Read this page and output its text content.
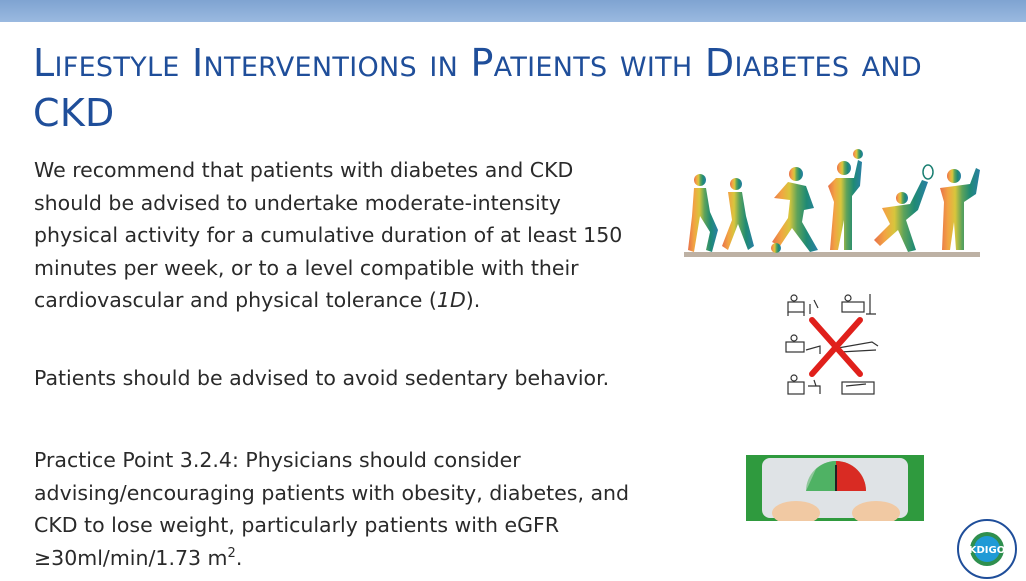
Lifestyle Interventions in Patients with Diabetes and CKD
We recommend that patients with diabetes and CKD should be advised to undertake moderate-intensity physical activity for a cumulative duration of at least 150 minutes per week, or to a level compatible with their cardiovascular and physical tolerance (1D).
Patients should be advised to avoid sedentary behavior.
Practice Point 3.2.4: Physicians should consider advising/encouraging patients with obesity, diabetes, and CKD to lose weight, particularly patients with eGFR ≥30ml/min/1.73 $m^2$.	KDIGO
